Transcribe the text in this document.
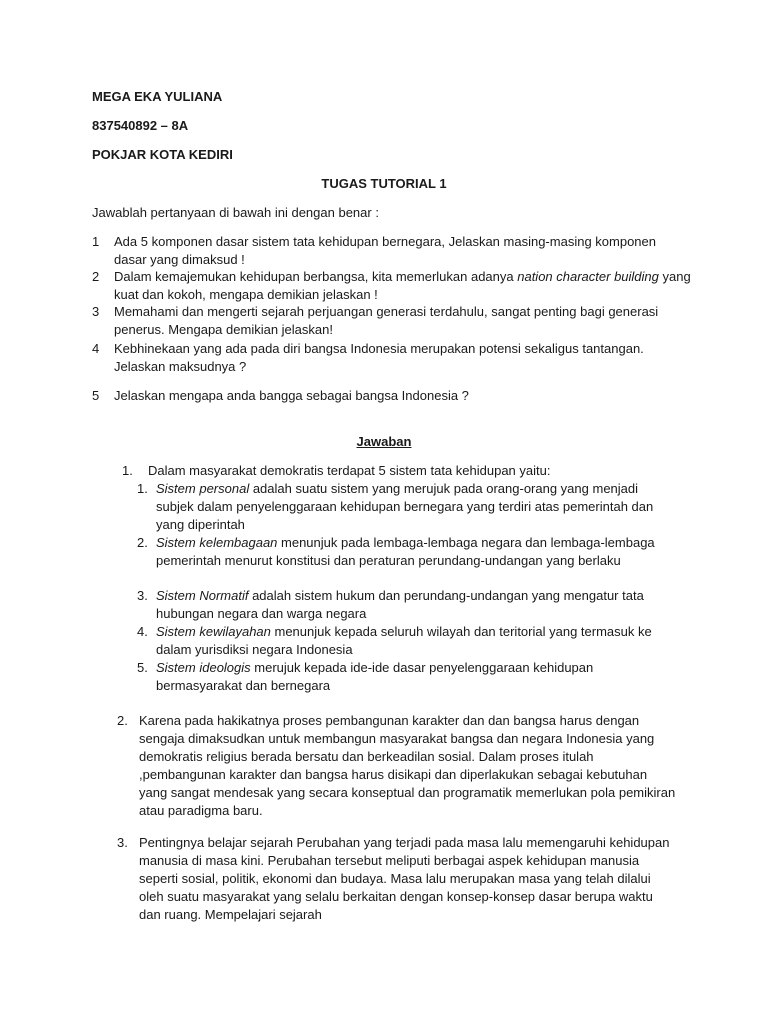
MEGA EKA YULIANA
837540892 – 8A
POKJAR KOTA KEDIRI
TUGAS TUTORIAL 1
Jawablah pertanyaan di bawah ini dengan benar :
1 Ada 5 komponen dasar sistem tata kehidupan bernegara, Jelaskan masing-masing komponen dasar yang dimaksud !
2 Dalam kemajemukan kehidupan berbangsa, kita memerlukan adanya nation character building yang kuat dan kokoh, mengapa demikian jelaskan !
3 Memahami dan mengerti sejarah perjuangan generasi terdahulu, sangat penting bagi generasi penerus. Mengapa demikian jelaskan!
4 Kebhinekaan yang ada pada diri bangsa Indonesia merupakan potensi sekaligus tantangan. Jelaskan maksudnya ?
5 Jelaskan mengapa anda bangga sebagai bangsa Indonesia ?
Jawaban
1. Dalam masyarakat demokratis terdapat 5 sistem tata kehidupan yaitu:
1. Sistem personal adalah suatu sistem yang merujuk pada orang-orang yang menjadi subjek dalam penyelenggaraan kehidupan bernegara yang terdiri atas pemerintah dan yang diperintah
2. Sistem kelembagaan menunjuk pada lembaga-lembaga negara dan lembaga-lembaga pemerintah menurut konstitusi dan peraturan perundang-undangan yang berlaku
3. Sistem Normatif adalah sistem hukum dan perundang-undangan yang mengatur tata hubungan negara dan warga negara
4. Sistem kewilayahan menunjuk kepada seluruh wilayah dan teritorial yang termasuk ke dalam yurisdiksi negara Indonesia
5. Sistem ideologis merujuk kepada ide-ide dasar penyelenggaraan kehidupan bermasyarakat dan bernegara
2. Karena pada hakikatnya proses pembangunan karakter dan dan bangsa harus dengan sengaja dimaksudkan untuk membangun masyarakat bangsa dan negara Indonesia yang demokratis religius berada bersatu dan berkeadilan sosial. Dalam proses itulah ,pembangunan karakter dan bangsa harus disikapi dan diperlakukan sebagai kebutuhan yang sangat mendesak yang secara konseptual dan programatik memerlukan pola pemikiran atau paradigma baru.
3. Pentingnya belajar sejarah Perubahan yang terjadi pada masa lalu memengaruhi kehidupan manusia di masa kini. Perubahan tersebut meliputi berbagai aspek kehidupan manusia seperti sosial, politik, ekonomi dan budaya. Masa lalu merupakan masa yang telah dilalui oleh suatu masyarakat yang selalu berkaitan dengan konsep-konsep dasar berupa waktu dan ruang. Mempelajari sejarah
